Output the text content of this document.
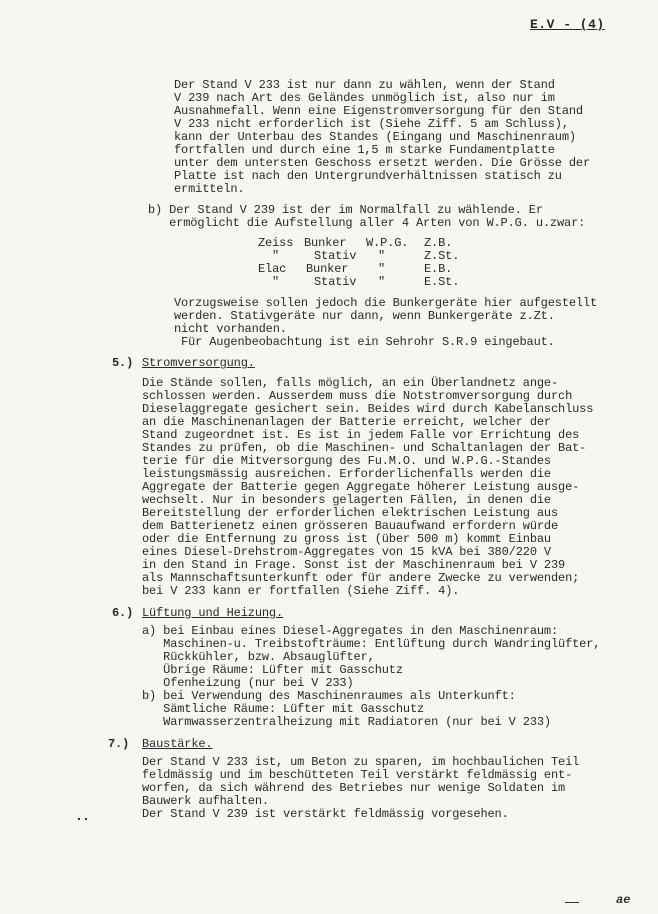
E.V - (4)
Der Stand V 233 ist nur dann zu wählen, wenn der Stand
V 239 nach Art des Geländes unmöglich ist, also nur im
Ausnahmefall. Wenn eine Eigenstromversorgung für den Stand
V 233 nicht erforderlich ist (Siehe Ziff. 5 am Schluss),
kann der Unterbau des Standes (Eingang und Maschinenraum)
fortfallen und durch eine 1,5 m starke Fundamentplatte
unter dem untersten Geschoss ersetzt werden. Die Grösse der
Platte ist nach den Untergrundverhältnissen statisch zu
ermitteln.
b) Der Stand V 239 ist der im Normalfall zu wählende. Er
ermöglicht die Aufstellung aller 4 Arten von W.P.G. u.zwar:
Zeiss Bunker W.P.G. Z.B.
"	Stativ "	Z.St.
Elac Bunker "	E.B.
"	Stativ "	E.St.
Vorzugsweise sollen jedoch die Bunkergeräte hier aufgestellt
werden. Stativgeräte nur dann, wenn Bunkergeräte z.Zt.
nicht vorhanden.
Für Augenbeobachtung ist ein Sehrohr S.R.9 eingebaut.
5.) Stromversorgung.
Die Stände sollen, falls möglich, an ein Überlandnetz ange-
schlossen werden. Ausserdem muss die Notstromversorgung durch
Dieselaggregate gesichert sein. Beides wird durch Kabelanschluss
an die Maschinenanlagen der Batterie erreicht, welcher der
Stand zugeordnet ist. Es ist in jedem Falle vor Errichtung des
Standes zu prüfen, ob die Maschinen- und Schaltanlagen der Bat-
terie für die Mitversorgung des Fu.M.O. und W.P.G.-Standes
leistungsmässig ausreichen. Erforderlichenfalls werden die
Aggregate der Batterie gegen Aggregate höherer Leistung ausge-
wechselt. Nur in besonders gelagerten Fällen, in denen die
Bereitstellung der erforderlichen elektrischen Leistung aus
dem Batterienetz einen grösseren Bauaufwand erfordern würde
oder die Entfernung zu gross ist (über 500 m) kommt Einbau
eines Diesel-Drehstrom-Aggregates von 15 kVA bei 380/220 V
in den Stand in Frage. Sonst ist der Maschinenraum bei V 239
als Mannschaftsunterkunft oder für andere Zwecke zu verwenden;
bei V 233 kann er fortfallen (Siehe Ziff. 4).
6.) Lüftung und Heizung.
a) bei Einbau eines Diesel-Aggregates in den Maschinenraum:
Maschinen-u. Treibstofträume: Entlüftung durch Wandringlüfter,
Rückkühler, bzw. Absauglüfter,
Übrige Räume: Lüfter mit Gasschutz
Ofenheizung (nur bei V 233)
b) bei Verwendung des Maschinenraumes als Unterkunft:
Sämtliche Räume: Lüfter mit Gasschutz
Warmwasserzentralheizung mit Radiatoren (nur bei V 233)
7.) Baustärke.
Der Stand V 233 ist, um Beton zu sparen, im hochbaulichen Teil
feldmässig und im beschütteten Teil verstärkt feldmässig ent-
worfen, da sich während des Betriebes nur wenige Soldaten im
Bauwerk aufhalten.
Der Stand V 239 ist verstärkt feldmässig vorgesehen.
ae
